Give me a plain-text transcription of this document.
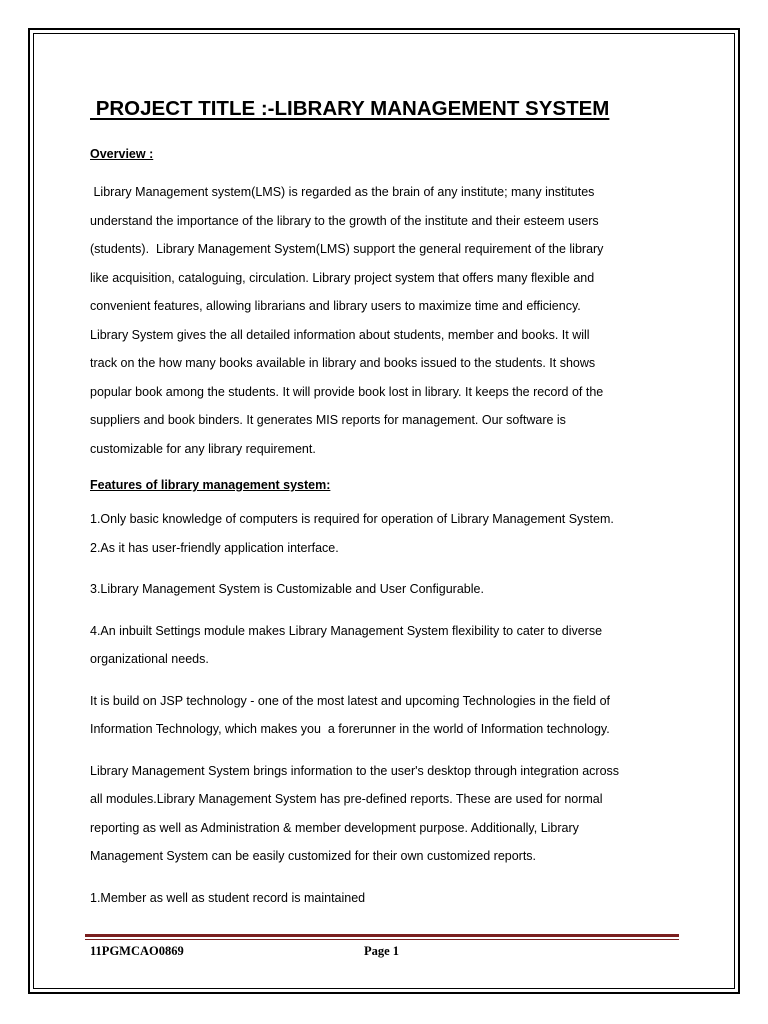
PROJECT TITLE :-LIBRARY MANAGEMENT SYSTEM

Overview :

Library Management system(LMS) is regarded as the brain of any institute; many institutes

understand the importance of the library to the growth of the institute and their esteem users

(students).  Library Management System(LMS) support the general requirement of the library

like acquisition, cataloguing, circulation. Library project system that offers many flexible and

convenient features, allowing librarians and library users to maximize time and efficiency.

Library System gives the all detailed information about students, member and books. It will

track on the how many books available in library and books issued to the students. It shows

popular book among the students. It will provide book lost in library. It keeps the record of the

suppliers and book binders. It generates MIS reports for management. Our software is

customizable for any library requirement.

Features of library management system:

1.Only basic knowledge of computers is required for operation of Library Management System.

2.As it has user-friendly application interface.

3.Library Management System is Customizable and User Configurable.

4.An inbuilt Settings module makes Library Management System flexibility to cater to diverse

organizational needs.

It is build on JSP technology - one of the most latest and upcoming Technologies in the field of

Information Technology, which makes you  a forerunner in the world of Information technology.

Library Management System brings information to the user's desktop through integration across

all modules.Library Management System has pre-defined reports. These are used for normal

reporting as well as Administration & member development purpose. Additionally, Library

Management System can be easily customized for their own customized reports.

1.Member as well as student record is maintained

11PGMCAO0869	Page 1
